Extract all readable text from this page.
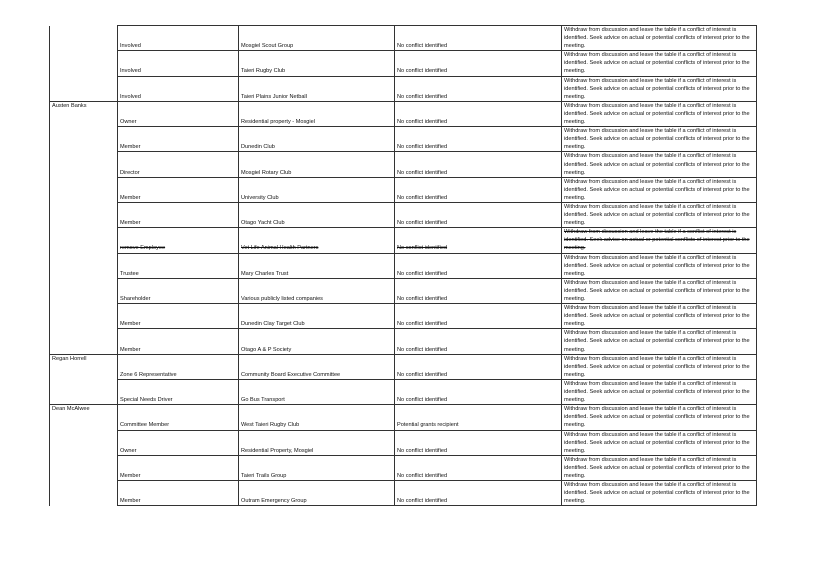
	Involved	Mosgiel Scout Group	No conflict identified	Withdraw from discussion and leave the table if a conflict of interest is identified. Seek advice on actual or potential conflicts of interest prior to the meeting.
	Involved	Taieri Rugby Club	No conflict identified	Withdraw from discussion and leave the table if a conflict of interest is identified. Seek advice on actual or potential conflicts of interest prior to the meeting.
	Involved	Taieri Plains Junior Netball	No conflict identified	Withdraw from discussion and leave the table if a conflict of interest is identified. Seek advice on actual or potential conflicts of interest prior to the meeting.
Austen Banks	Owner	Residential property - Mosgiel	No conflict identified	Withdraw from discussion and leave the table if a conflict of interest is identified. Seek advice on actual or potential conflicts of interest prior to the meeting.
	Member	Dunedin Club	No conflict identified	Withdraw from discussion and leave the table if a conflict of interest is identified. Seek advice on actual or potential conflicts of interest prior to the meeting.
	Director	Mosgiel Rotary Club	No conflict identified	Withdraw from discussion and leave the table if a conflict of interest is identified. Seek advice on actual or potential conflicts of interest prior to the meeting.
	Member	University Club	No conflict identified	Withdraw from discussion and leave the table if a conflict of interest is identified. Seek advice on actual or potential conflicts of interest prior to the meeting.
	Member	Otago Yacht Club	No conflict identified	Withdraw from discussion and leave the table if a conflict of interest is identified. Seek advice on actual or potential conflicts of interest prior to the meeting.
	remove Employee	Vet Life Animal Health Partners	No conflict identified	Withdraw from discussion and leave the table if a conflict of interest is identified. Seek advice on actual or potential conflicts of interest prior to the meeting.
	Trustee	Mary Charles Trust	No conflict identified	Withdraw from discussion and leave the table if a conflict of interest is identified. Seek advice on actual or potential conflicts of interest prior to the meeting.
	Shareholder	Various publicly listed companies	No conflict identified	Withdraw from discussion and leave the table if a conflict of interest is identified. Seek advice on actual or potential conflicts of interest prior to the meeting.
	Member	Dunedin Clay Target Club	No conflict identified	Withdraw from discussion and leave the table if a conflict of interest is identified. Seek advice on actual or potential conflicts of interest prior to the meeting.
	Member	Otago A & P Society	No conflict identified	Withdraw from discussion and leave the table if a conflict of interest is identified. Seek advice on actual or potential conflicts of interest prior to the meeting.
Regan Horrell	Zone 6 Representative	Community Board Executive Committee	No conflict identified	Withdraw from discussion and leave the table if a conflict of interest is identified. Seek advice on actual or potential conflicts of interest prior to the meeting.
	Special Needs Driver	Go Bus Transport	No conflict identified	Withdraw from discussion and leave the table if a conflict of interest is identified. Seek advice on actual or potential conflicts of interest prior to the meeting.
Dean McAlwee	Committee Member	West Taieri Rugby Club	Potential grants recipient	Withdraw from discussion and leave the table if a conflict of interest is identified. Seek advice on actual or potential conflicts of interest prior to the meeting.
	Owner	Residential Property, Mosgiel	No conflict identified	Withdraw from discussion and leave the table if a conflict of interest is identified. Seek advice on actual or potential conflicts of interest prior to the meeting.
	Member	Taieri Trails Group	No conflict identified	Withdraw from discussion and leave the table if a conflict of interest is identified. Seek advice on actual or potential conflicts of interest prior to the meeting.
	Member	Outram Emergency Group	No conflict identified	Withdraw from discussion and leave the table if a conflict of interest is identified. Seek advice on actual or potential conflicts of interest prior to the meeting.
